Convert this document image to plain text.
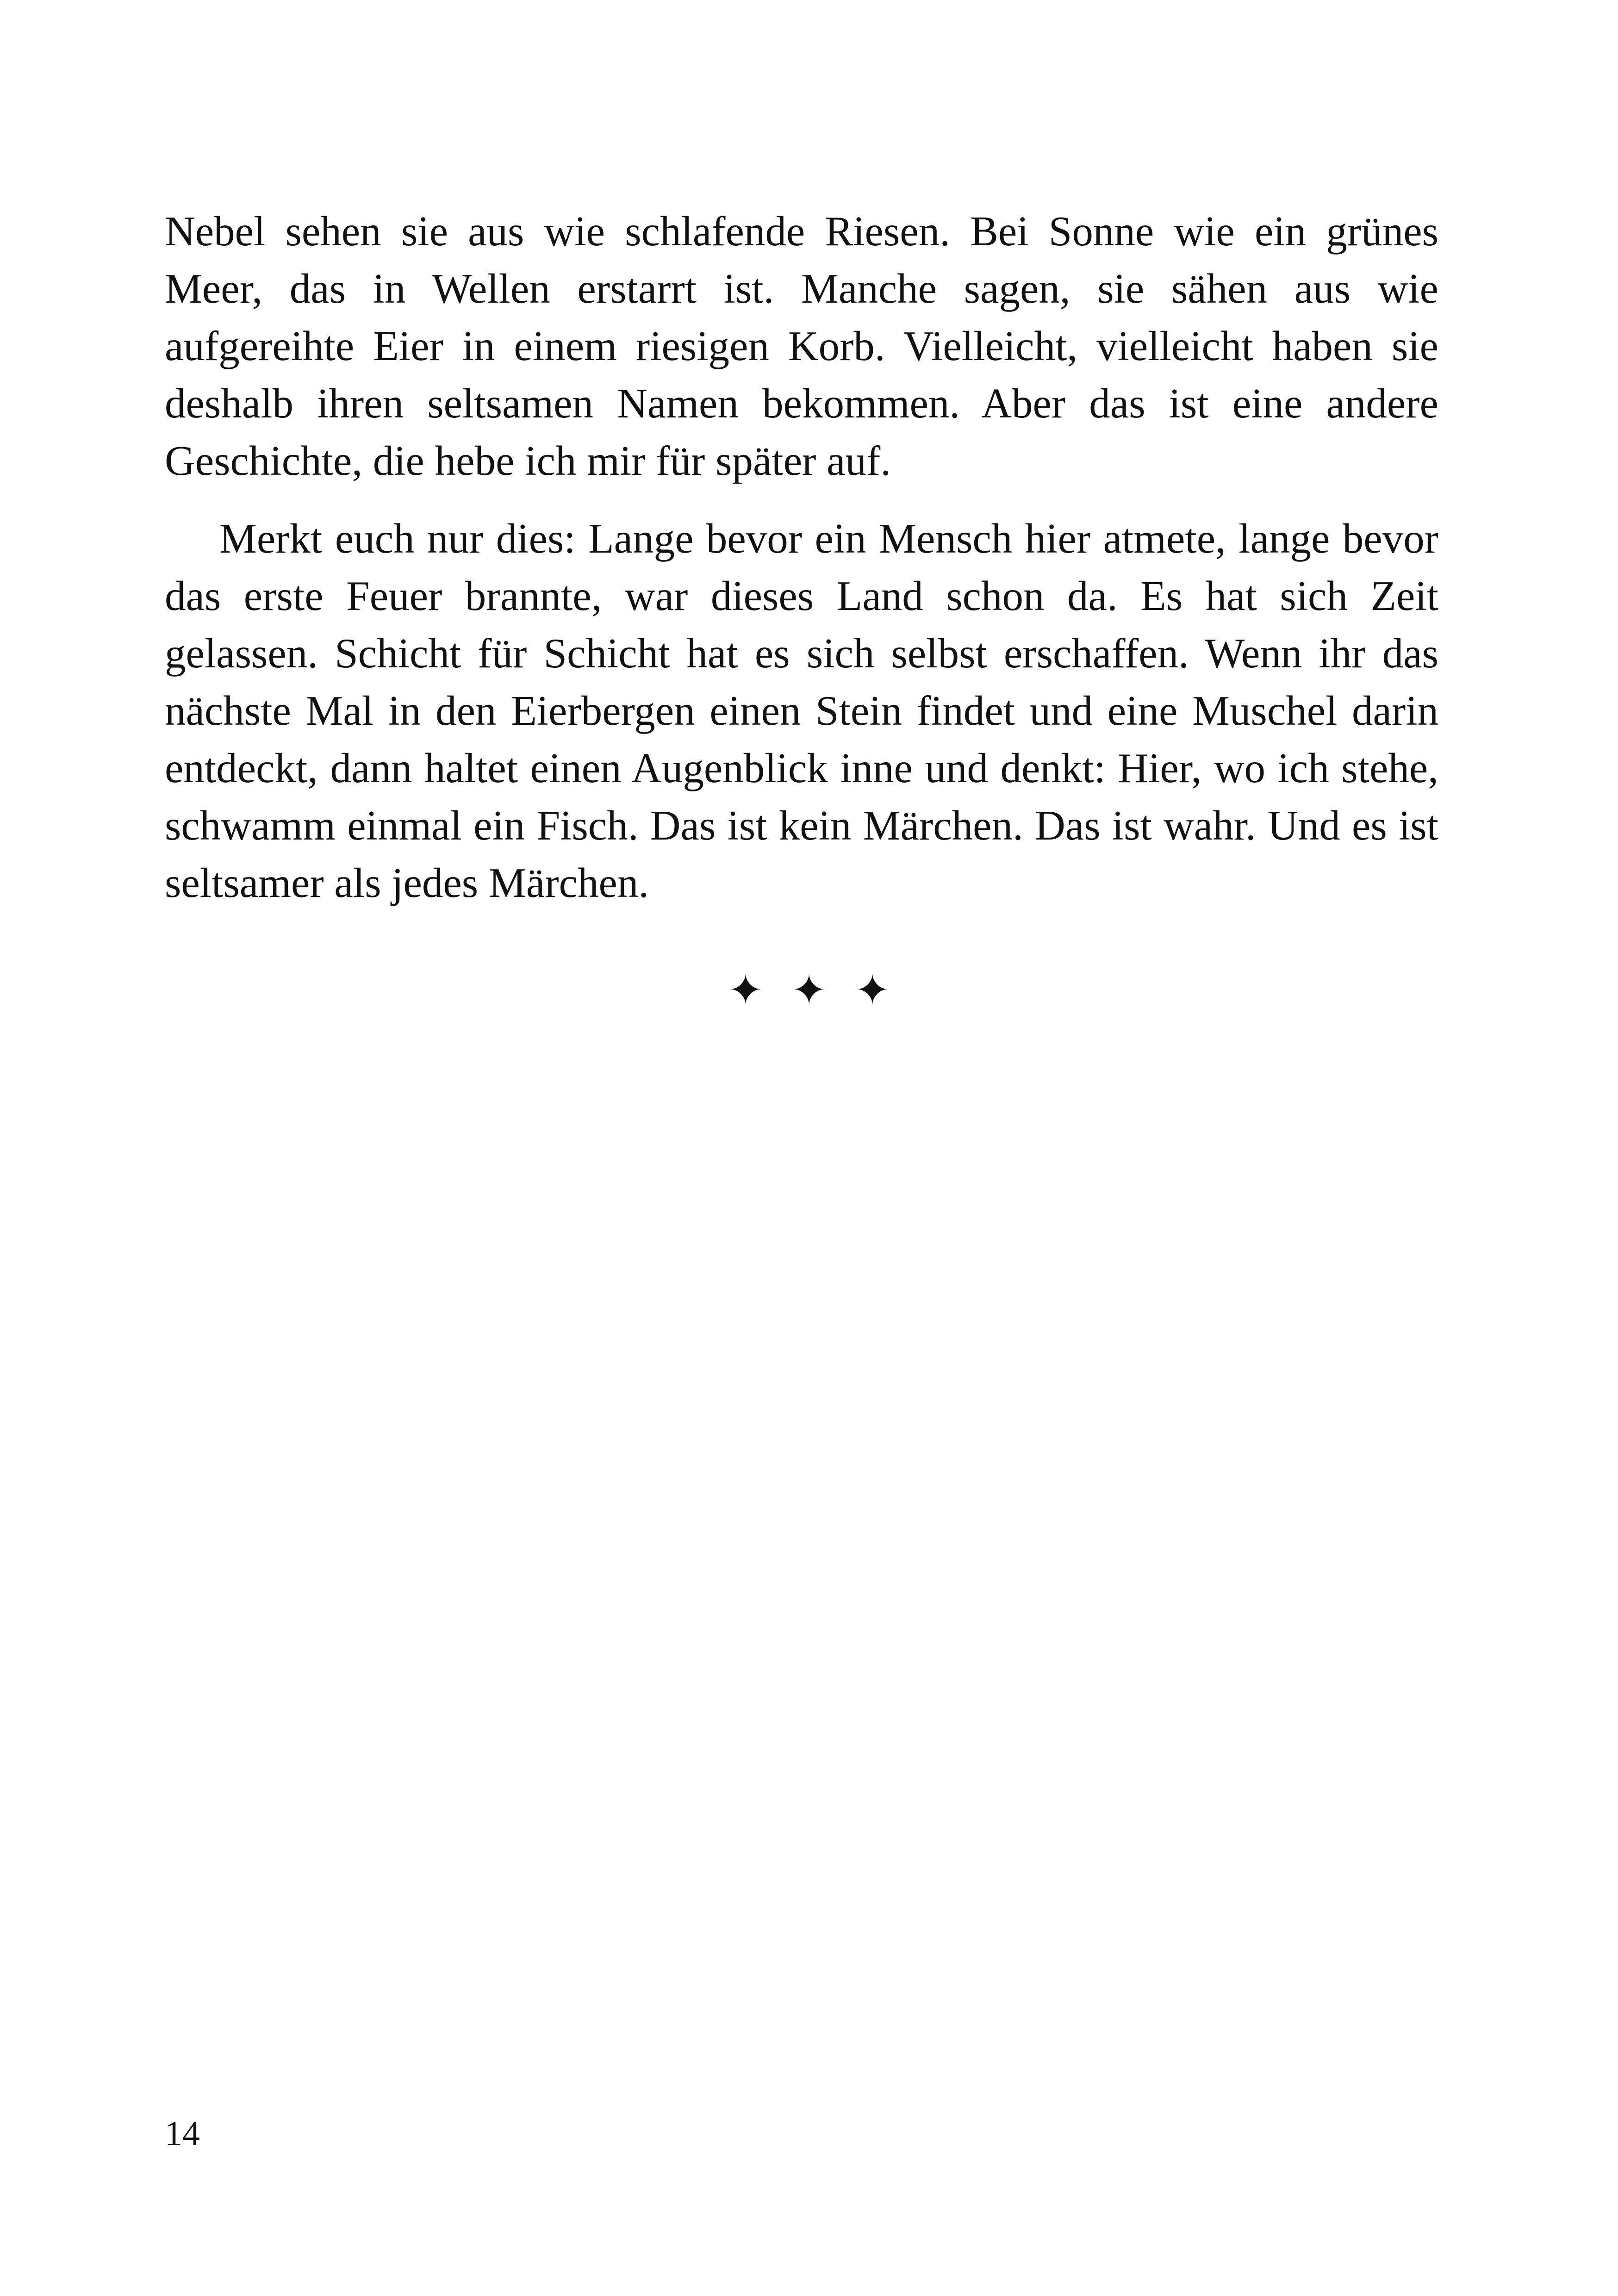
Nebel sehen sie aus wie schlafende Riesen. Bei Sonne wie ein grünes Meer, das in Wellen erstarrt ist. Manche sagen, sie sähen aus wie aufgereihte Eier in einem riesigen Korb. Vielleicht, vielleicht haben sie deshalb ihren seltsamen Namen bekommen. Aber das ist eine andere Geschichte, die hebe ich mir für später auf.

Merkt euch nur dies: Lange bevor ein Mensch hier atmete, lange bevor das erste Feuer brannte, war dieses Land schon da. Es hat sich Zeit gelassen. Schicht für Schicht hat es sich selbst erschaffen. Wenn ihr das nächste Mal in den Eierbergen einen Stein findet und eine Muschel darin entdeckt, dann haltet einen Augenblick inne und denkt: Hier, wo ich stehe, schwamm einmal ein Fisch. Das ist kein Märchen. Das ist wahr. Und es ist seltsamer als jedes Märchen.

✦✦✦
14
